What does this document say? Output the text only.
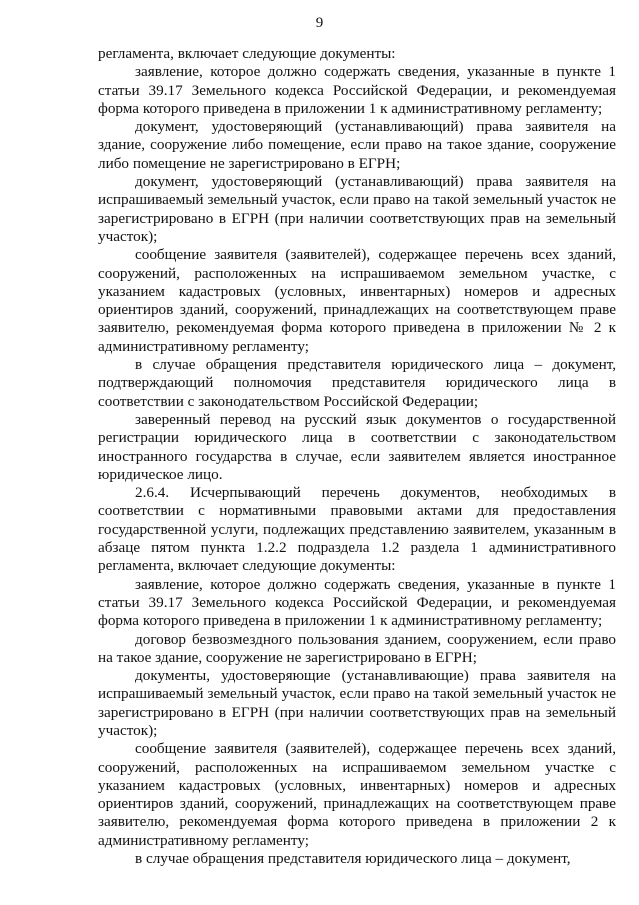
9

регламента, включает следующие документы:

заявление, которое должно содержать сведения, указанные в пункте 1 статьи 39.17 Земельного кодекса Российской Федерации, и рекомендуемая форма которого приведена в приложении 1 к административному регламенту;

документ, удостоверяющий (устанавливающий) права заявителя на здание, сооружение либо помещение, если право на такое здание, сооружение либо помещение не зарегистрировано в ЕГРН;

документ, удостоверяющий (устанавливающий) права заявителя на испрашиваемый земельный участок, если право на такой земельный участок не зарегистрировано в ЕГРН (при наличии соответствующих прав на земельный участок);

сообщение заявителя (заявителей), содержащее перечень всех зданий, сооружений, расположенных на испрашиваемом земельном участке, с указанием кадастровых (условных, инвентарных) номеров и адресных ориентиров зданий, сооружений, принадлежащих на соответствующем праве заявителю, рекомендуемая форма которого приведена в приложении № 2 к административному регламенту;

в случае обращения представителя юридического лица – документ, подтверждающий полномочия представителя юридического лица в соответствии с законодательством Российской Федерации;

заверенный перевод на русский язык документов о государственной регистрации юридического лица в соответствии с законодательством иностранного государства в случае, если заявителем является иностранное юридическое лицо.

2.6.4. Исчерпывающий перечень документов, необходимых в соответствии с нормативными правовыми актами для предоставления государственной услуги, подлежащих представлению заявителем, указанным в абзаце пятом пункта 1.2.2 подраздела 1.2 раздела 1 административного регламента, включает следующие документы:

заявление, которое должно содержать сведения, указанные в пункте 1 статьи 39.17 Земельного кодекса Российской Федерации, и рекомендуемая форма которого приведена в приложении 1 к административному регламенту;

договор безвозмездного пользования зданием, сооружением, если право на такое здание, сооружение не зарегистрировано в ЕГРН;

документы, удостоверяющие (устанавливающие) права заявителя на испрашиваемый земельный участок, если право на такой земельный участок не зарегистрировано в ЕГРН (при наличии соответствующих прав на земельный участок);

сообщение заявителя (заявителей), содержащее перечень всех зданий, сооружений, расположенных на испрашиваемом земельном участке с указанием кадастровых (условных, инвентарных) номеров и адресных ориентиров зданий, сооружений, принадлежащих на соответствующем праве заявителю, рекомендуемая форма которого приведена в приложении 2 к административному регламенту;

в случае обращения представителя юридического лица – документ,
